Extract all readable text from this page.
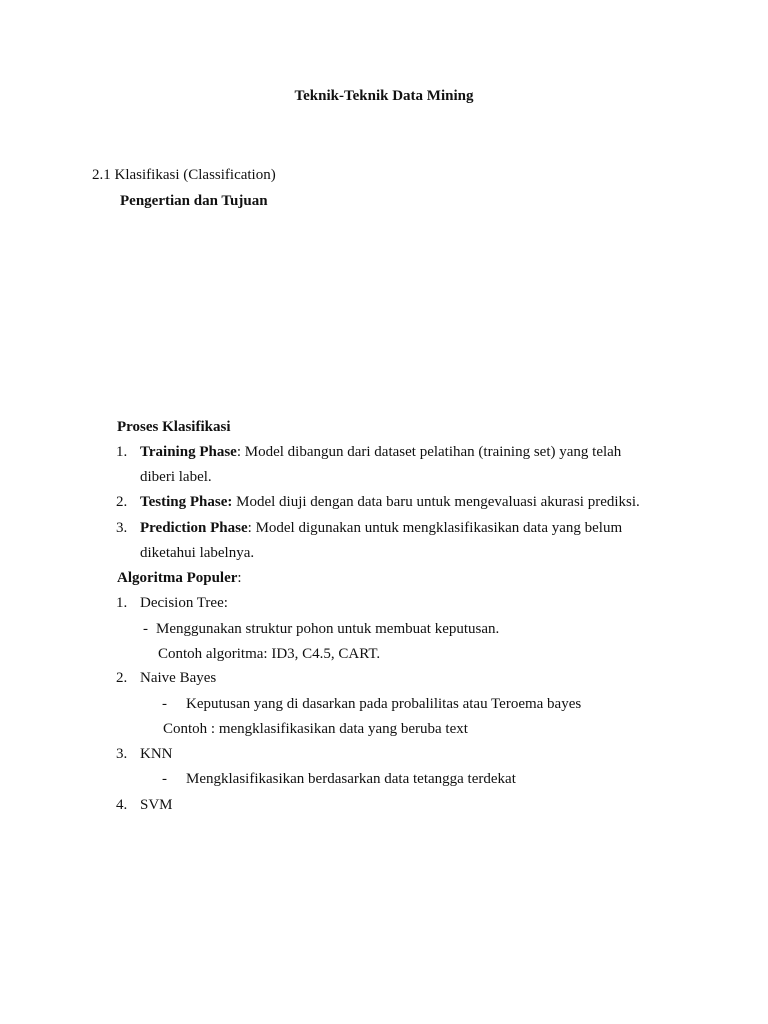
Teknik-Teknik Data Mining
2.1 Klasifikasi (Classification)
Pengertian dan Tujuan
Proses Klasifikasi
1. Training Phase: Model dibangun dari dataset pelatihan (training set) yang telah
diberi label.
2. Testing Phase: Model diuji dengan data baru untuk mengevaluasi akurasi prediksi.
3. Prediction Phase: Model digunakan untuk mengklasifikasikan data yang belum
diketahui labelnya.
Algoritma Populer:
1. Decision Tree:
- Menggunakan struktur pohon untuk membuat keputusan.
Contoh algoritma: ID3, C4.5, CART.
2. Naive Bayes
- Keputusan yang di dasarkan pada probalilitas atau Teroema bayes
Contoh : mengklasifikasikan data yang beruba text
3. KNN
- Mengklasifikasikan berdasarkan data tetangga terdekat
4. SVM
